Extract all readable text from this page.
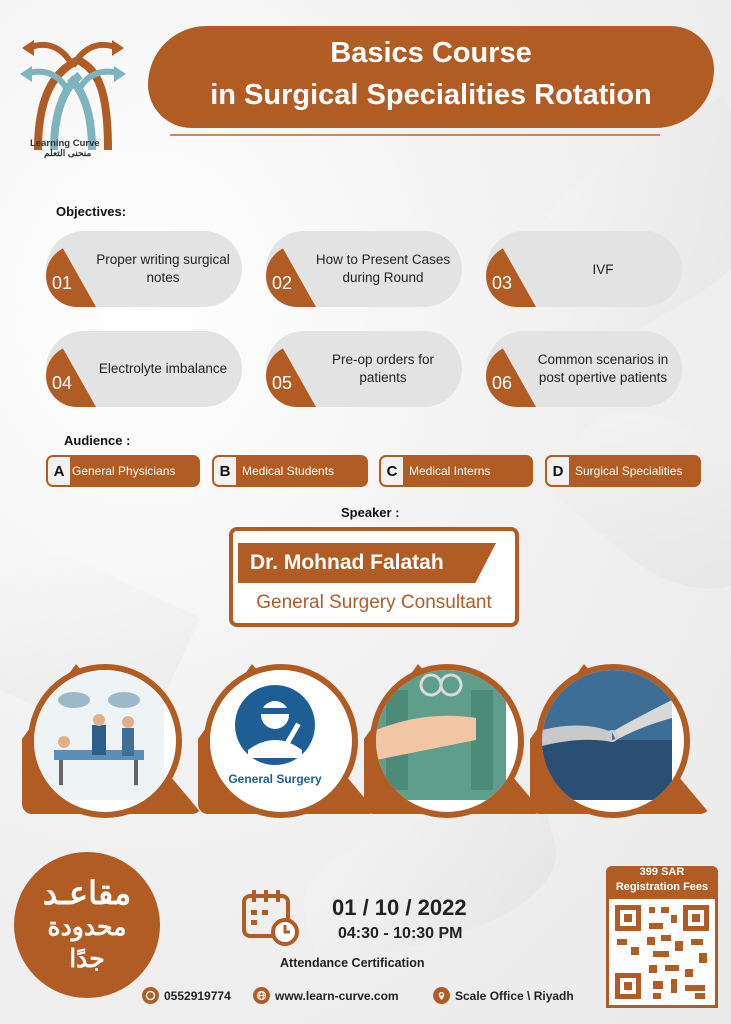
Learning Curve
منحنى التعلم
Basics Course
in Surgical Specialities Rotation
Objectives:
01
Proper writing surgical notes	02
How to Present Cases during Round	03
IVF
04
Electrolyte imbalance
05
Pre-op orders for patients	06
Common scenarios in post opertive patients
Audience :
A General Physicians	B Medical Students	C Medical Interns	D Surgical Specialities
Speaker :
Dr. Mohnad Falatah
General Surgery Consultant
General Surgery
مقاعـد
محدودة
جدًا
01 / 10 / 2022
04:30 - 10:30 PM
Attendance Certification
399 SAR
Registration Fees
0552919774	www.learn-curve.com	Scale Office \ Riyadh
